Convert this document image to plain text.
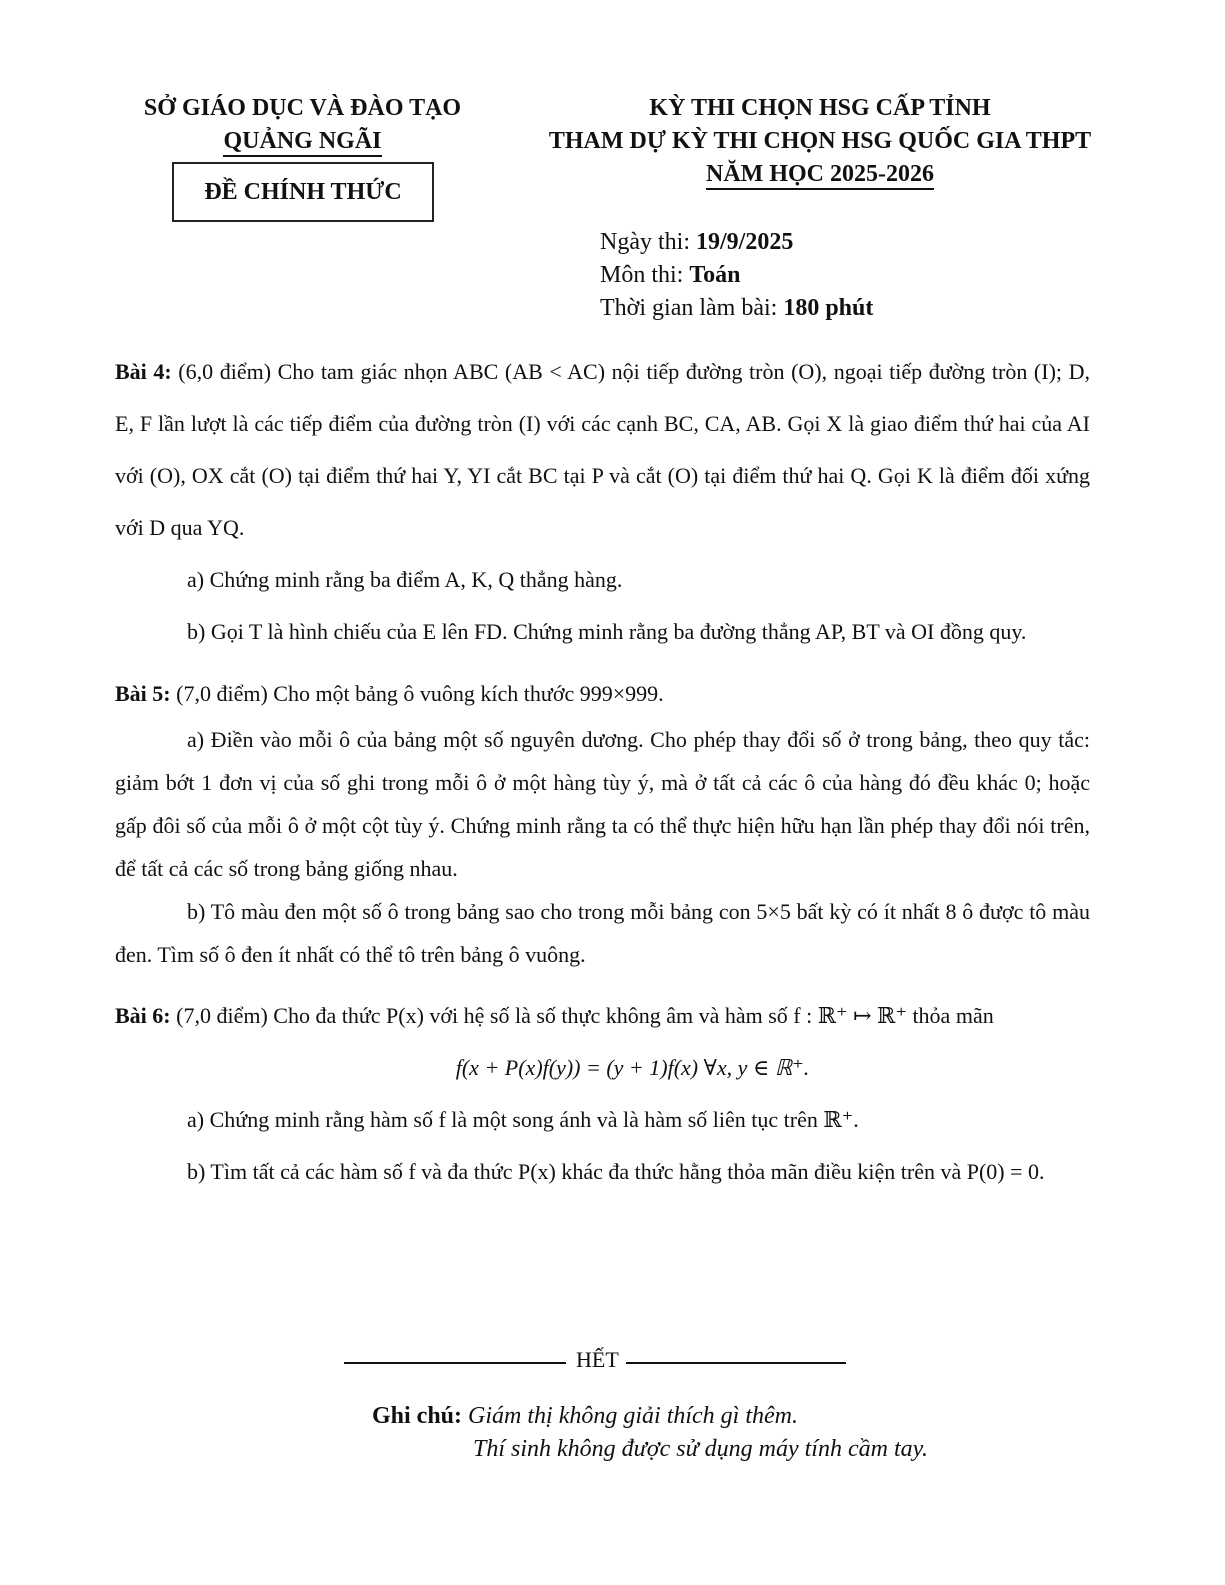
SỞ GIÁO DỤC VÀ ĐÀO TẠO
QUẢNG NGÃI
ĐỀ CHÍNH THỨC
KỲ THI CHỌN HSG CẤP TỈNH
THAM DỰ KỲ THI CHỌN HSG QUỐC GIA THPT
NĂM HỌC 2025-2026
Ngày thi: 19/9/2025
Môn thi: Toán
Thời gian làm bài: 180 phút

Bài 4: (6,0 điểm) Cho tam giác nhọn ABC (AB < AC) nội tiếp đường tròn (O), ngoại tiếp đường tròn (I); D, E, F lần lượt là các tiếp điểm của đường tròn (I) với các cạnh BC, CA, AB. Gọi X là giao điểm thứ hai của AI với (O), OX cắt (O) tại điểm thứ hai Y, YI cắt BC tại P và cắt (O) tại điểm thứ hai Q. Gọi K là điểm đối xứng với D qua YQ.

a) Chứng minh rằng ba điểm A, K, Q thẳng hàng.

b) Gọi T là hình chiếu của E lên FD. Chứng minh rằng ba đường thẳng AP, BT và OI đồng quy.

Bài 5: (7,0 điểm) Cho một bảng ô vuông kích thước 999×999.

a) Điền vào mỗi ô của bảng một số nguyên dương. Cho phép thay đổi số ở trong bảng, theo quy tắc: giảm bớt 1 đơn vị của số ghi trong mỗi ô ở một hàng tùy ý, mà ở tất cả các ô của hàng đó đều khác 0; hoặc gấp đôi số của mỗi ô ở một cột tùy ý. Chứng minh rằng ta có thể thực hiện hữu hạn lần phép thay đổi nói trên, để tất cả các số trong bảng giống nhau.

b) Tô màu đen một số ô trong bảng sao cho trong mỗi bảng con 5×5 bất kỳ có ít nhất 8 ô được tô màu đen. Tìm số ô đen ít nhất có thể tô trên bảng ô vuông.

Bài 6: (7,0 điểm) Cho đa thức P(x) với hệ số là số thực không âm và hàm số f : ℝ⁺ ↦ ℝ⁺ thỏa mãn

f(x + P(x)f(y)) = (y + 1)f(x) ∀x, y ∈ ℝ⁺.

a) Chứng minh rằng hàm số f là một song ánh và là hàm số liên tục trên ℝ⁺.

b) Tìm tất cả các hàm số f và đa thức P(x) khác đa thức hằng thỏa mãn điều kiện trên và P(0) = 0.

HẾT
Ghi chú: Giám thị không giải thích gì thêm.
Thí sinh không được sử dụng máy tính cầm tay.
